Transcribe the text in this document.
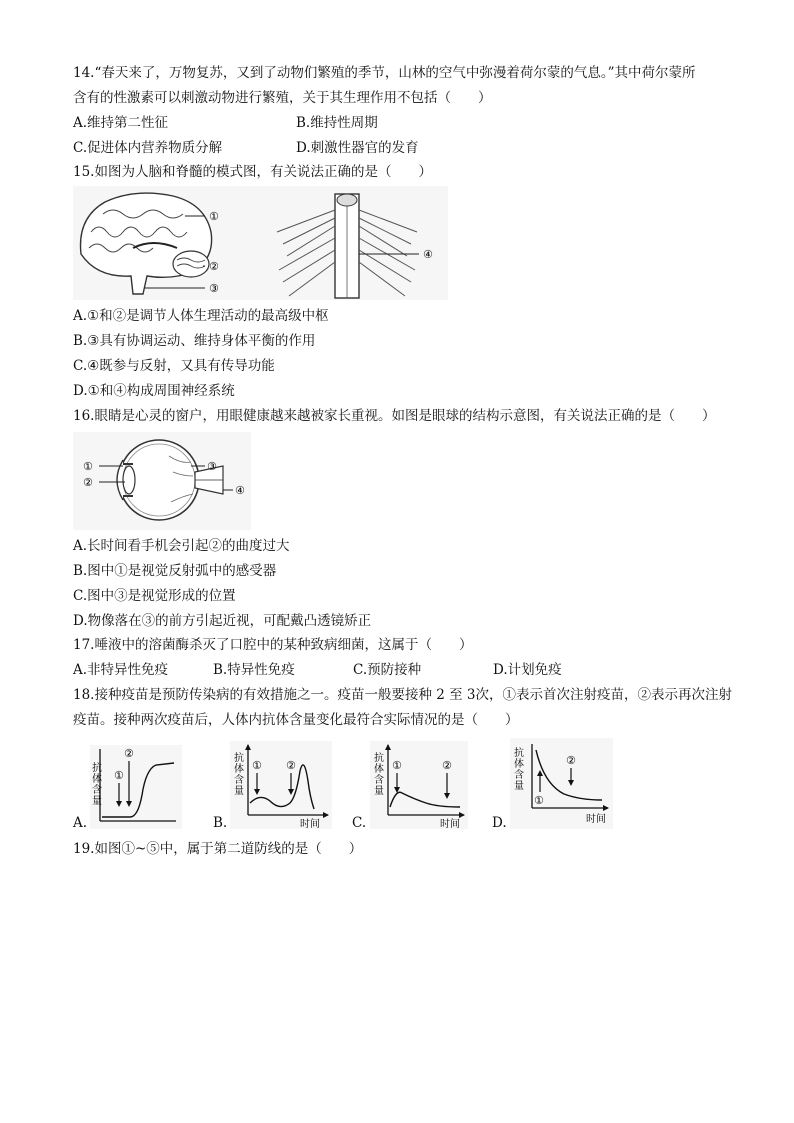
14.“春天来了，万物复苏，又到了动物们繁殖的季节，山林的空气中弥漫着荷尔蒙的气息。”其中荷尔蒙所
含有的性激素可以刺激动物进行繁殖，关于其生理作用不包括（　　）
A.维持第二性征	B.维持性周期
C.促进体内营养物质分解	D.刺激性器官的发育
15.如图为人脑和脊髓的模式图，有关说法正确的是（　　）
①
②
③
④
A.①和②是调节人体生理活动的最高级中枢
B.③具有协调运动、维持身体平衡的作用
C.④既参与反射，又具有传导功能
D.①和④构成周围神经系统
16.眼睛是心灵的窗户，用眼健康越来越被家长重视。如图是眼球的结构示意图，有关说法正确的是（　　）
①
②
③
④
A.长时间看手机会引起②的曲度过大
B.图中①是视觉反射弧中的感受器
C.图中③是视觉形成的位置
D.物像落在③的前方引起近视，可配戴凸透镜矫正
17.唾液中的溶菌酶杀灭了口腔中的某种致病细菌，这属于（　　）
A.非特异性免疫	B.特异性免疫	C.预防接种	D.计划免疫
18.接种疫苗是预防传染病的有效措施之一。疫苗一般要接种 2 至 3次，①表示首次注射疫苗，②表示再次注射
疫苗。接种两次疫苗后，人体内抗体含量变化最符合实际情况的是（　　）
A.	B.	C.	D.
抗
体
含
量
①
②	抗
体
含
量
① ②
时间
抗
体
含
量
①	②
时间
抗
体
含
量
①
②
时间
19.如图①~⑤中，属于第二道防线的是（　　）
